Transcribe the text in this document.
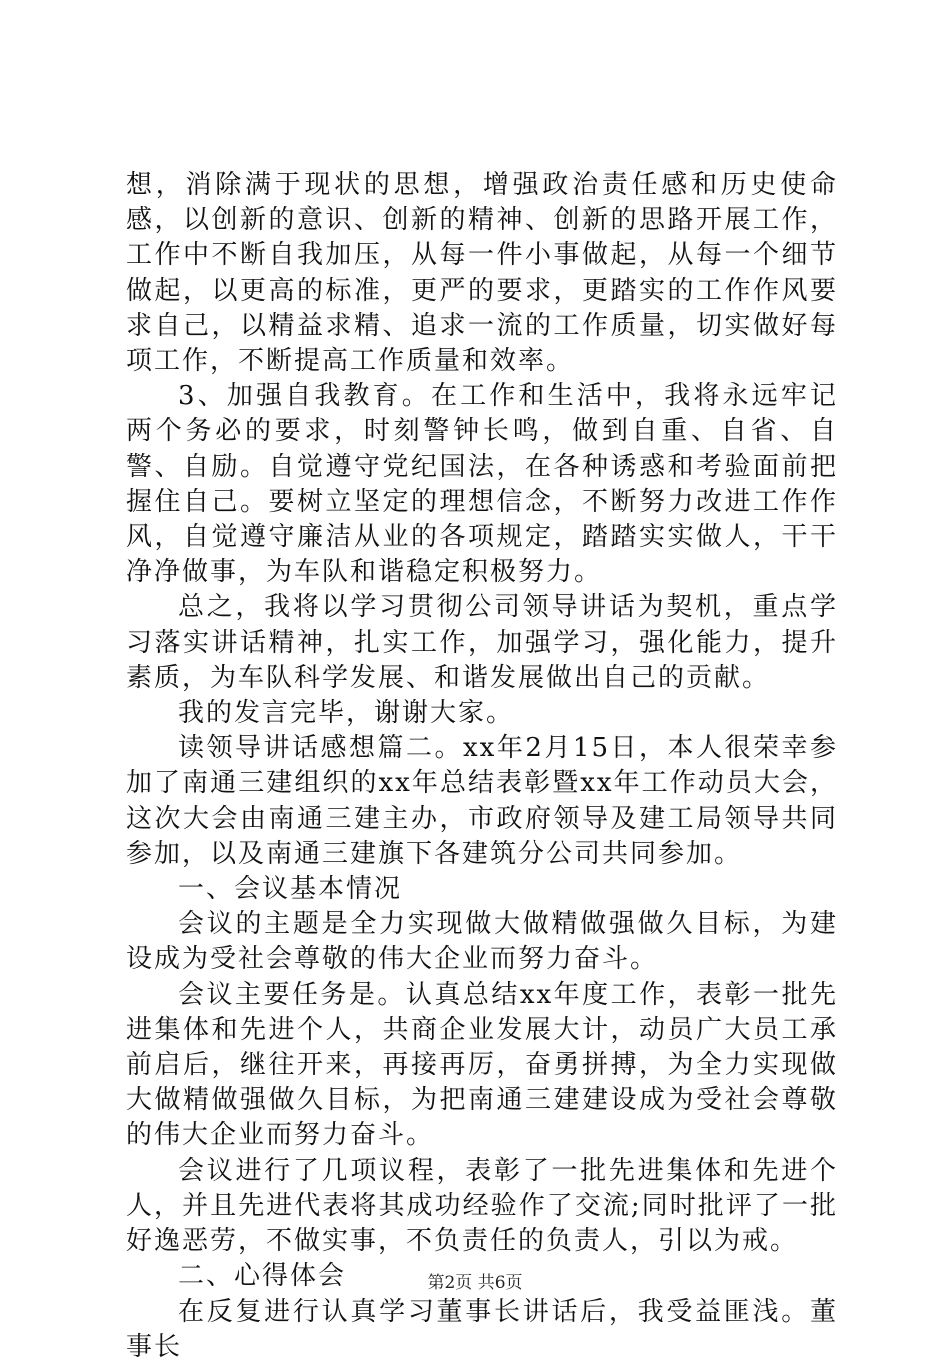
想，消除满于现状的思想，增强政治责任感和历史使命感，以创新的意识、创新的精神、创新的思路开展工作，工作中不断自我加压，从每一件小事做起，从每一个细节做起，以更高的标准，更严的要求，更踏实的工作作风要求自己，以精益求精、追求一流的工作质量，切实做好每项工作，不断提高工作质量和效率。

3、加强自我教育。在工作和生活中，我将永远牢记两个务必的要求，时刻警钟长鸣，做到自重、自省、自警、自励。自觉遵守党纪国法，在各种诱惑和考验面前把握住自己。要树立坚定的理想信念，不断努力改进工作作风，自觉遵守廉洁从业的各项规定，踏踏实实做人，干干净净做事，为车队和谐稳定积极努力。

总之，我将以学习贯彻公司领导讲话为契机，重点学习落实讲话精神，扎实工作，加强学习，强化能力，提升素质，为车队科学发展、和谐发展做出自己的贡献。

我的发言完毕，谢谢大家。

读领导讲话感想篇二。xx年2月15日，本人很荣幸参加了南通三建组织的xx年总结表彰暨xx年工作动员大会，这次大会由南通三建主办，市政府领导及建工局领导共同参加，以及南通三建旗下各建筑分公司共同参加。

一、会议基本情况

会议的主题是全力实现做大做精做强做久目标，为建设成为受社会尊敬的伟大企业而努力奋斗。

会议主要任务是。认真总结xx年度工作，表彰一批先进集体和先进个人，共商企业发展大计，动员广大员工承前启后，继往开来，再接再厉，奋勇拼搏，为全力实现做大做精做强做久目标，为把南通三建建设成为受社会尊敬的伟大企业而努力奋斗。

会议进行了几项议程，表彰了一批先进集体和先进个人，并且先进代表将其成功经验作了交流;同时批评了一批好逸恶劳，不做实事，不负责任的负责人，引以为戒。

二、心得体会

在反复进行认真学习董事长讲话后，我受益匪浅。董事长

第2页 共6页
